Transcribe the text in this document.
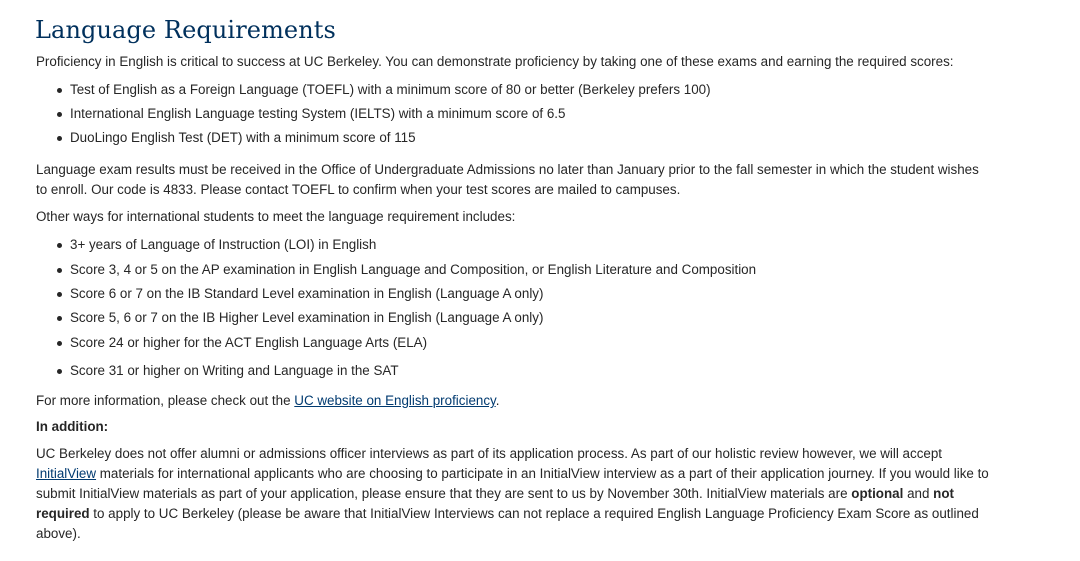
Language Requirements

Proficiency in English is critical to success at UC Berkeley. You can demonstrate proficiency by taking one of these exams and earning the required scores:

Test of English as a Foreign Language (TOEFL) with a minimum score of 80 or better (Berkeley prefers 100)
International English Language testing System (IELTS) with a minimum score of 6.5
DuoLingo English Test (DET) with a minimum score of 115
Language exam results must be received in the Office of Undergraduate Admissions no later than January prior to the fall semester in which the student wishes
to enroll. Our code is 4833. Please contact TOEFL to confirm when your test scores are mailed to campuses.

Other ways for international students to meet the language requirement includes:

3+ years of Language of Instruction (LOI) in English
Score 3, 4 or 5 on the AP examination in English Language and Composition, or English Literature and Composition
Score 6 or 7 on the IB Standard Level examination in English (Language A only)
Score 5, 6 or 7 on the IB Higher Level examination in English (Language A only)
Score 24 or higher for the ACT English Language Arts (ELA)
Score 31 or higher on Writing and Language in the SAT

For more information, please check out the UC website on English proficiency.

In addition:

UC Berkeley does not offer alumni or admissions officer interviews as part of its application process. As part of our holistic review however, we will accept
InitialView materials for international applicants who are choosing to participate in an InitialView interview as a part of their application journey. If you would like to
submit InitialView materials as part of your application, please ensure that they are sent to us by November 30th. InitialView materials are optional and not
required to apply to UC Berkeley (please be aware that InitialView Interviews can not replace a required English Language Proficiency Exam Score as outlined
above).
